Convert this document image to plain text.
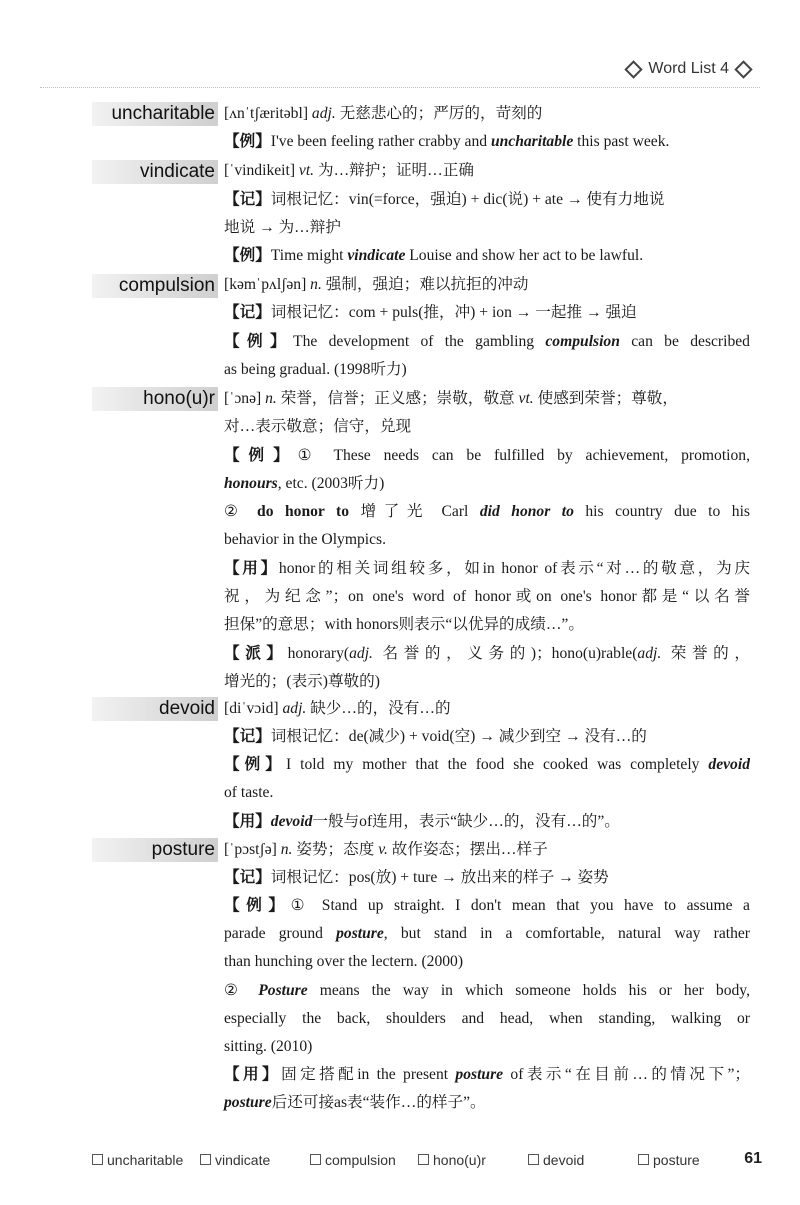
Word List 4
uncharitable [ʌnˈtʃæritəbl] adj. 无慈悲心的；严厉的，苛刻的
【例】I've been feeling rather crabby and uncharitable this past week.
vindicate [ˈvindikeit] vt. 为…辩护；证明…正确
【记】词根记忆：vin(=force，强迫) + dic(说) + ate → 使有力地说
地说 → 为…辩护
【例】Time might vindicate Louise and show her act to be lawful.
compulsion [kəmˈpʌlʃən] n. 强制，强迫；难以抗拒的冲动
【记】词根记忆：com + puls(推，冲) + ion → 一起推 → 强迫
【例】The development of the gambling compulsion can be described
as being gradual. (1998听力)
hono(u)r [ˈɔnə] n. 荣誉，信誉；正义感；崇敬，敬意 vt. 使感到荣誉；尊敬，
对…表示敬意；信守，兑现
【例】① These needs can be fulfilled by achievement, promotion,
honours, etc. (2003听力)
② do honor to 增了光 Carl did honor to his country due to his
behavior in the Olympics.
【用】honor的相关词组较多，如in honor of表示“对…的敬意，为庆
祝，为纪念”；on one's word of honor或on one's honor都是“以名誉
担保”的意思；with honors则表示“以优异的成绩…”。
【派】honorary(adj. 名誉的，义务的)；hono(u)rable(adj. 荣誉的，
增光的；(表示)尊敬的)
devoid [diˈvɔid] adj. 缺少…的，没有…的
【记】词根记忆：de(减少) + void(空) → 减少到空 → 没有…的
【例】I told my mother that the food she cooked was completely devoid
of taste.
【用】devoid一般与of连用，表示“缺少…的，没有…的”。
posture [ˈpɔstʃə] n. 姿势；态度 v. 故作姿态；摆出…样子
【记】词根记忆：pos(放) + ture → 放出来的样子 → 姿势
【例】① Stand up straight. I don't mean that you have to assume a
parade ground posture, but stand in a comfortable, natural way rather
than hunching over the lectern. (2000)
② Posture means the way in which someone holds his or her body,
especially the back, shoulders and head, when standing, walking or
sitting. (2010)
【用】固定搭配in the present posture of表示“在目前…的情况下”；
posture后还可接as表“装作…的样子”。
uncharitable	vindicate	compulsion	hono(u)r	devoid	posture	61
